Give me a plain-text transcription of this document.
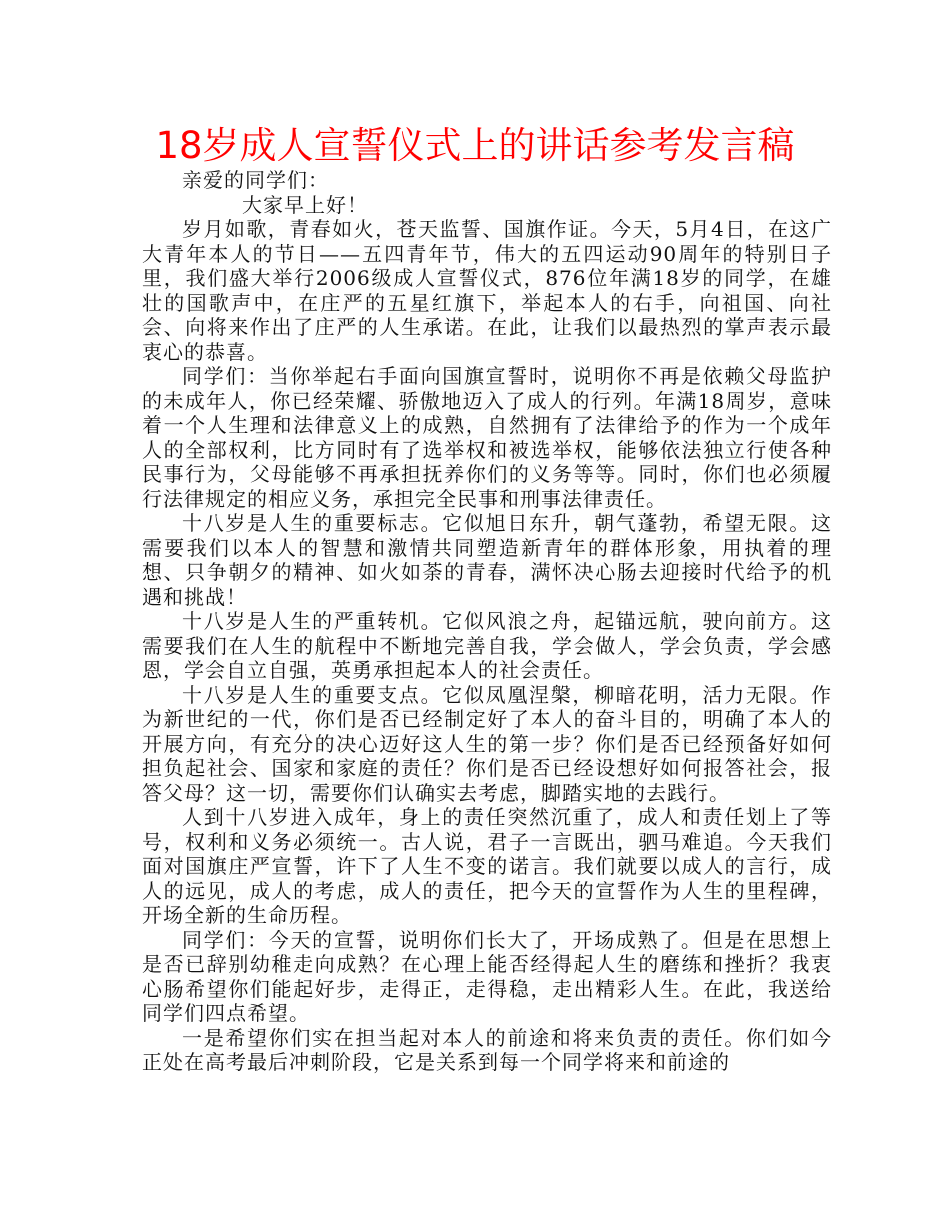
18岁成人宣誓仪式上的讲话参考发言稿

亲爱的同学们：

大家早上好！

岁月如歌，青春如火，苍天监誓、国旗作证。今天，5月4日，在这广大青年本人的节日——五四青年节，伟大的五四运动90周年的特别日子里，我们盛大举行2006级成人宣誓仪式，876位年满18岁的同学，在雄壮的国歌声中，在庄严的五星红旗下，举起本人的右手，向祖国、向社会、向将来作出了庄严的人生承诺。在此，让我们以最热烈的掌声表示最衷心的恭喜。

同学们：当你举起右手面向国旗宣誓时，说明你不再是依赖父母监护的未成年人，你已经荣耀、骄傲地迈入了成人的行列。年满18周岁，意味着一个人生理和法律意义上的成熟，自然拥有了法律给予的作为一个成年人的全部权利，比方同时有了选举权和被选举权，能够依法独立行使各种民事行为，父母能够不再承担抚养你们的义务等等。同时，你们也必须履行法律规定的相应义务，承担完全民事和刑事法律责任。

十八岁是人生的重要标志。它似旭日东升，朝气蓬勃，希望无限。这需要我们以本人的智慧和激情共同塑造新青年的群体形象，用执着的理想、只争朝夕的精神、如火如荼的青春，满怀决心肠去迎接时代给予的机遇和挑战！

十八岁是人生的严重转机。它似风浪之舟，起锚远航，驶向前方。这需要我们在人生的航程中不断地完善自我，学会做人，学会负责，学会感恩，学会自立自强，英勇承担起本人的社会责任。

十八岁是人生的重要支点。它似凤凰涅槃，柳暗花明，活力无限。作为新世纪的一代，你们是否已经制定好了本人的奋斗目的，明确了本人的开展方向，有充分的决心迈好这人生的第一步？你们是否已经预备好如何担负起社会、国家和家庭的责任？你们是否已经设想好如何报答社会，报答父母？这一切，需要你们认确实去考虑，脚踏实地的去践行。

人到十八岁进入成年，身上的责任突然沉重了，成人和责任划上了等号，权利和义务必须统一。古人说，君子一言既出，驷马难追。今天我们面对国旗庄严宣誓，许下了人生不变的诺言。我们就要以成人的言行，成人的远见，成人的考虑，成人的责任，把今天的宣誓作为人生的里程碑，开场全新的生命历程。

同学们：今天的宣誓，说明你们长大了，开场成熟了。但是在思想上是否已辞别幼稚走向成熟？在心理上能否经得起人生的磨练和挫折？我衷心肠希望你们能起好步，走得正，走得稳，走出精彩人生。在此，我送给同学们四点希望。

一是希望你们实在担当起对本人的前途和将来负责的责任。你们如今正处在高考最后冲刺阶段，它是关系到每一个同学将来和前途的
